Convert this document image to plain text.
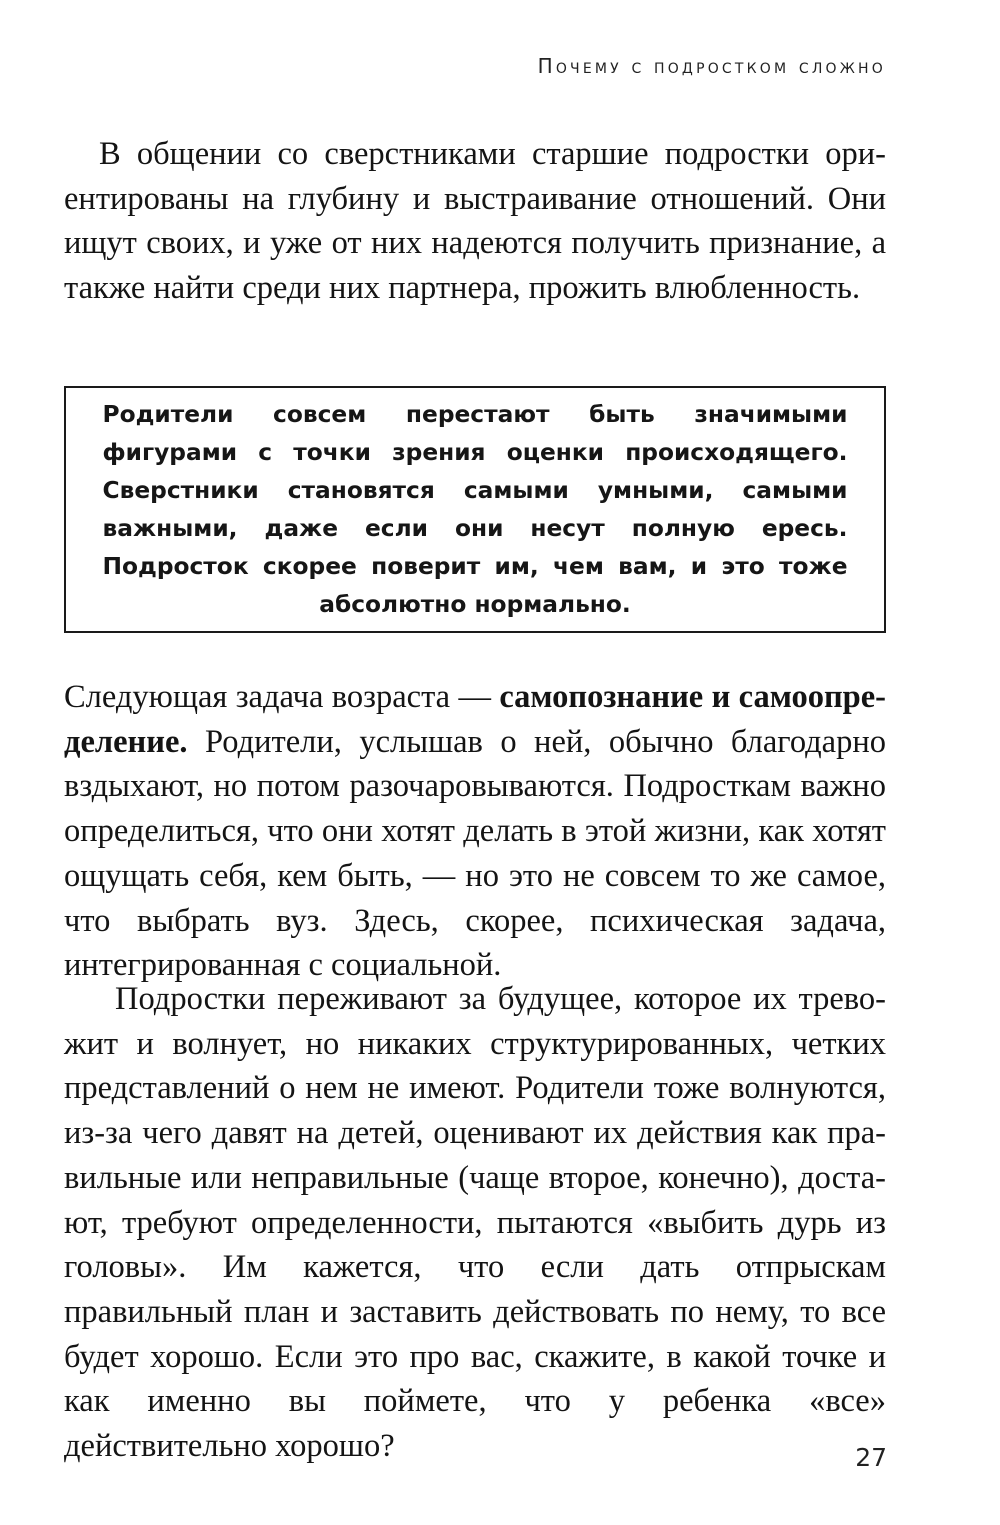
Почему с подростком сложно

В общении со сверстниками старшие подростки ориентированы на глубину и выстраивание отношений. Они ищут своих, и уже от них надеются получить признание, а также найти среди них партнера, прожить влюбленность.

Родители совсем перестают быть значимыми фигурами с точки зрения оценки происходящего. Сверстники становятся самыми умными, самыми важными, даже если они несут полную ересь. Подросток скорее поверит им, чем вам, и это тоже абсолютно нормально.

Следующая задача возраста — самопознание и самоопределение. Родители, услышав о ней, обычно благодарно вздыхают, но потом разочаровываются. Подросткам важно определиться, что они хотят делать в этой жизни, как хотят ощущать себя, кем быть, — но это не совсем то же самое, что выбрать вуз. Здесь, скорее, психическая задача, интегрированная с социальной.

Подростки переживают за будущее, которое их тревожит и волнует, но никаких структурированных, четких представлений о нем не имеют. Родители тоже волнуются, из-за чего давят на детей, оценивают их действия как правильные или неправильные (чаще второе, конечно), достают, требуют определенности, пытаются «выбить дурь из головы». Им кажется, что если дать отпрыскам правильный план и заставить действовать по нему, то все будет хорошо. Если это про вас, скажите, в какой точке и как именно вы поймете, что у ребенка «все» действительно хорошо?	27
